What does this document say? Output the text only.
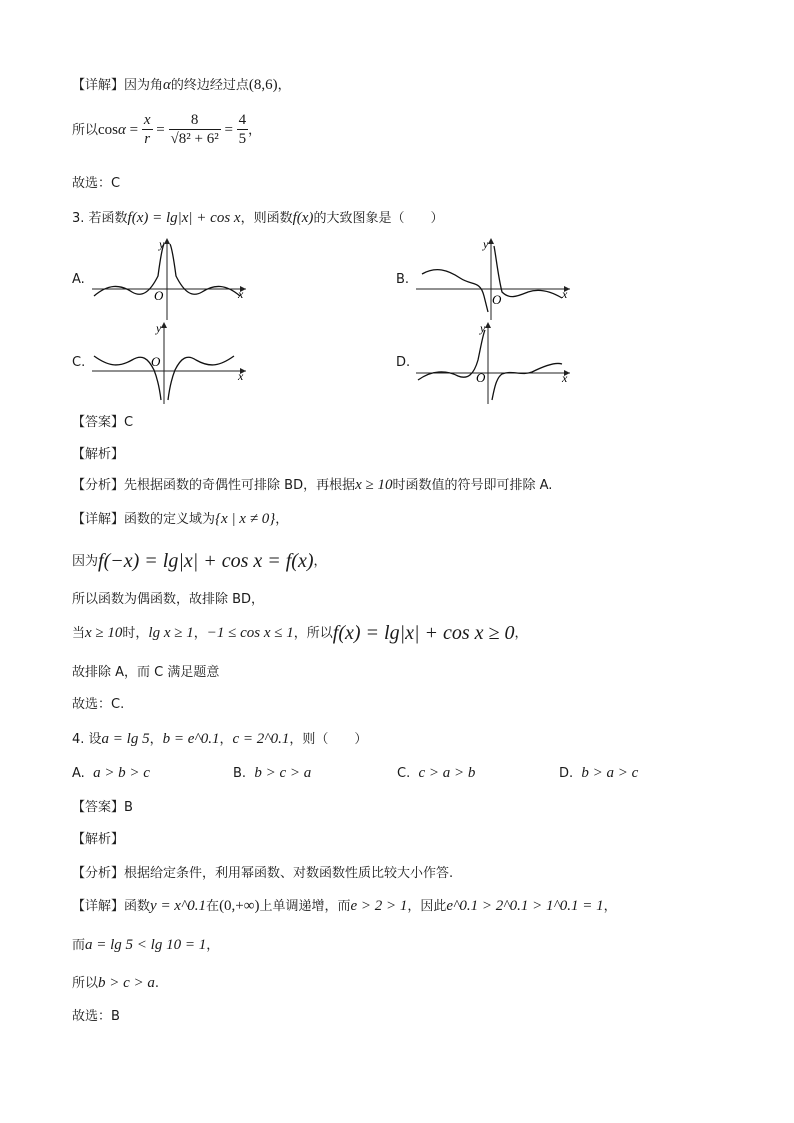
【详解】因为角α的终边经过点(8,6)，
所以$\cos\alpha = \frac{x}{r} = \frac{8}{\text{√8² + 6²}} = \frac{4}{5}$ ，
故选：C
3. 若函数f(x) = lg|x| + cos x，则函数f(x)的大致图象是（　　）
A.	B.
C.	D.
y
x
O
y
x
O
y
x
O
y
x
O
【答案】C
【解析】
【分析】先根据函数的奇偶性可排除 BD，再根据x ≥ 10时函数值的符号即可排除 A.
【详解】函数的定义域为{x | x ≠ 0}，
因为f(−x) = lg|x| + cos x = f(x)，
所以函数为偶函数，故排除 BD，
当x ≥ 10时，lg x ≥ 1，−1 ≤ cos x ≤ 1，所以f(x) = lg|x| + cos x ≥ 0，
故排除 A，而 C 满足题意
故选：C.
4. 设a = lg 5，b = e^0.1，c = 2^0.1，则（　　）
A. a > b > c	B. b > c > a	C. c > a > b	D. b > a > c
【答案】B
【解析】
【分析】根据给定条件，利用幂函数、对数函数性质比较大小作答.
【详解】函数y = x^0.1在(0,+∞)上单调递增，而e > 2 > 1，因此e^0.1 > 2^0.1 > 1^0.1 = 1，
而a = lg 5 < lg 10 = 1，
所以b > c > a.
故选：B
